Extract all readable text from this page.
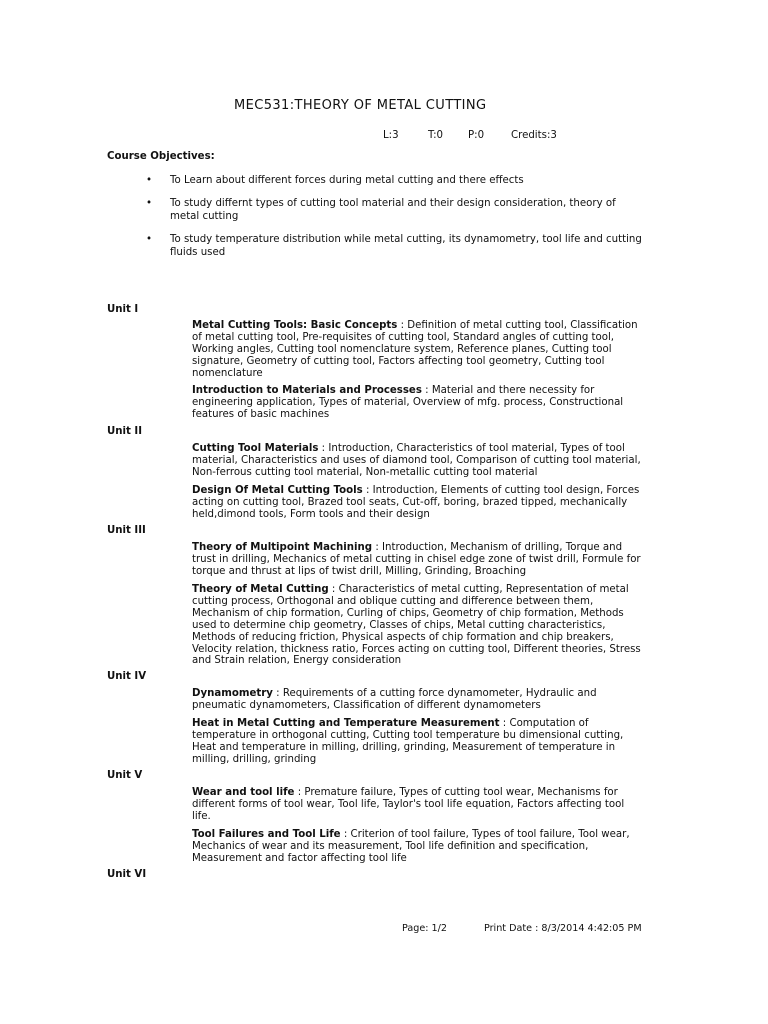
MEC531:THEORY OF METAL CUTTING
L:3	T:0 P:0	Credits:3
Course Objectives:
• To Learn about different forces during metal cutting and there effects
• To study differnt types of cutting tool material and their design consideration, theory of metal cutting
• To study temperature distribution while metal cutting, its dynamometry, tool life and cutting fluids used
Unit I
Metal Cutting Tools: Basic Concepts : Definition of metal cutting tool, Classification of metal cutting tool, Pre-requisites of cutting tool, Standard angles of cutting tool, Working angles, Cutting tool nomenclature system, Reference planes, Cutting tool signature, Geometry of cutting tool, Factors affecting tool geometry, Cutting tool nomenclature
Introduction to Materials and Processes : Material and there necessity for engineering application, Types of material, Overview of mfg. process, Constructional features of basic machines
Unit II
Cutting Tool Materials : Introduction, Characteristics of tool material, Types of tool material, Characteristics and uses of diamond tool, Comparison of cutting tool material, Non-ferrous cutting tool material, Non-metallic cutting tool material
Design Of Metal Cutting Tools : Introduction, Elements of cutting tool design, Forces acting on cutting tool, Brazed tool seats, Cut-off, boring, brazed tipped, mechanically held,dimond tools, Form tools and their design
Unit III
Theory of Multipoint Machining : Introduction, Mechanism of drilling, Torque and trust in drilling, Mechanics of metal cutting in chisel edge zone of twist drill, Formule for torque and thrust at lips of twist drill, Milling, Grinding, Broaching
Theory of Metal Cutting : Characteristics of metal cutting, Representation of metal cutting process, Orthogonal and oblique cutting and difference between them, Mechanism of chip formation, Curling of chips, Geometry of chip formation, Methods used to determine chip geometry, Classes of chips, Metal cutting characteristics, Methods of reducing friction, Physical aspects of chip formation and chip breakers, Velocity relation, thickness ratio, Forces acting on cutting tool, Different theories, Stress and Strain relation, Energy consideration
Unit IV
Dynamometry : Requirements of a cutting force dynamometer, Hydraulic and pneumatic dynamometers, Classification of different dynamometers
Heat in Metal Cutting and Temperature Measurement : Computation of temperature in orthogonal cutting, Cutting tool temperature bu dimensional cutting, Heat and temperature in milling, drilling, grinding, Measurement of temperature in milling, drilling, grinding
Unit V
Wear and tool life : Premature failure, Types of cutting tool wear, Mechanisms for different forms of tool wear, Tool life, Taylor's tool life equation, Factors affecting tool life.
Tool Failures and Tool Life : Criterion of tool failure, Types of tool failure, Tool wear, Mechanics of wear and its measurement, Tool life definition and specification, Measurement and factor affecting tool life
Unit VI
Page: 1/2	Print Date : 8/3/2014 4:42:05 PM
